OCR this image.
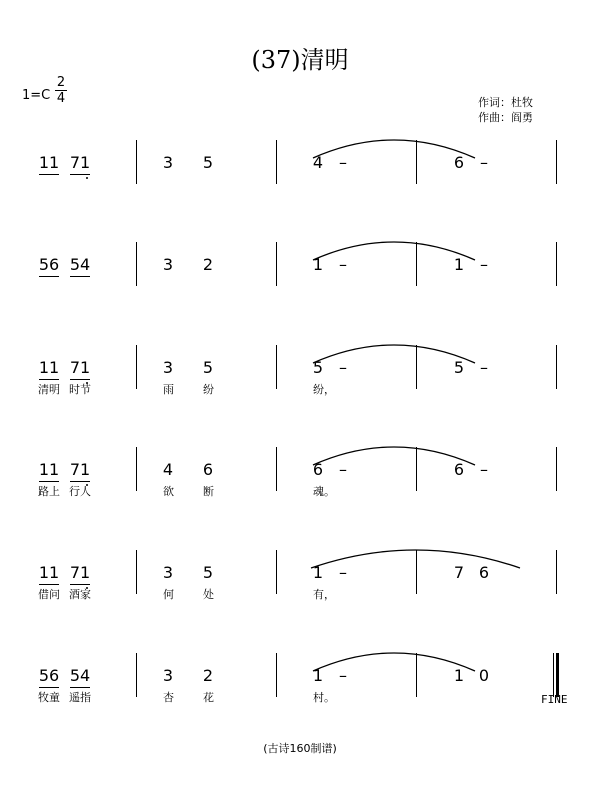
(37)清明
1=C
2
4	作词：杜牧
作曲：阎勇
11 71	3 5	4 –	6 –
56 54	3 2	1 –	1 –
11 71	3 5	5 –	5 –
清明 时节	雨	纷	纷，
11 71	4 6	6 –	6 –
路上 行人	欲	断	魂。
11 71	3 5	1 –	7 6
借问 酒家	何	处	有，
56 54	3 2	1 –	1 0
FINE
牧童 遥指	杏	花	村。
(古诗160制谱)
